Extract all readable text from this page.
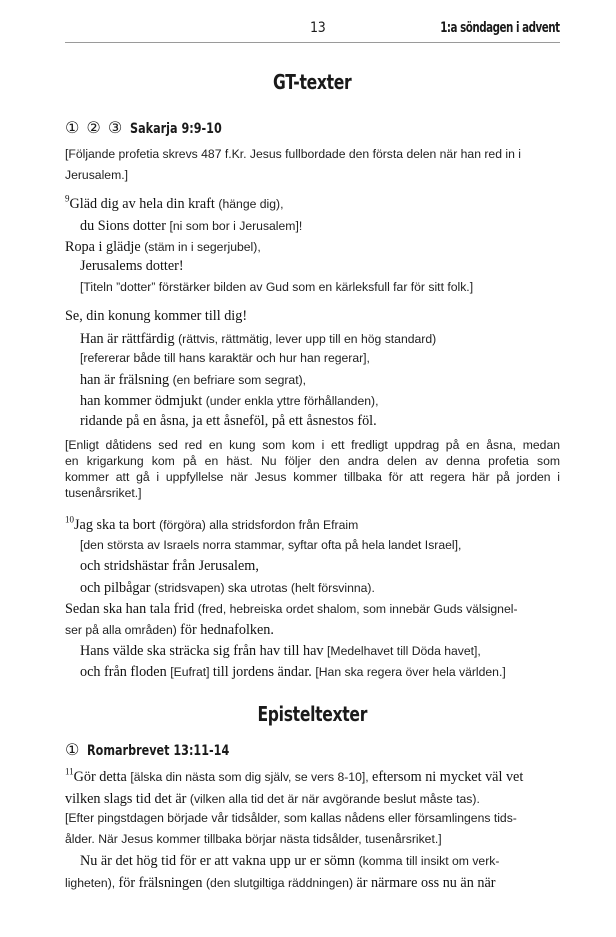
13	1:a söndagen i advent
GT-texter
① ② ③ Sakarja 9:9-10
[Följande profetia skrevs 487 f.Kr. Jesus fullbordade den första delen när han red in i
Jerusalem.]
$^9$Gläd dig av hela din kraft (hänge dig),
du Sions dotter [ni som bor i Jerusalem]!
Ropa i glädje (stäm in i segerjubel),
Jerusalems dotter!
[Titeln ”dotter” förstärker bilden av Gud som en kärleksfull far för sitt folk.]
Se, din konung kommer till dig!
Han är rättfärdig (rättvis, rättmätig, lever upp till en hög standard)
[refererar både till hans karaktär och hur han regerar],
han är frälsning (en befriare som segrat),
han kommer ödmjukt (under enkla yttre förhållanden),
ridande på en åsna, ja ett åsneföl, på ett åsnestos föl.
[Enligt dåtidens sed red en kung som kom i ett fredligt uppdrag på en åsna, medan
en krigarkung kom på en häst. Nu följer den andra delen av denna profetia som
kommer att gå i uppfyllelse när Jesus kommer tillbaka för att regera här på jorden i
tusenårsriket.]
$^{10}$Jag ska ta bort (förgöra) alla stridsfordon från Efraim
[den största av Israels norra stammar, syftar ofta på hela landet Israel],
och stridshästar från Jerusalem,
och pilbågar (stridsvapen) ska utrotas (helt försvinna).
Sedan ska han tala frid (fred, hebreiska ordet shalom, som innebär Guds välsignel-
ser på alla områden) för hednafolken.
Hans välde ska sträcka sig från hav till hav [Medelhavet till Döda havet],
och från floden [Eufrat] till jordens ändar. [Han ska regera över hela världen.]
Episteltexter
① Romarbrevet 13:11-14
$^{11}$Gör detta [älska din nästa som dig själv, se vers 8-10], eftersom ni mycket väl vet
vilken slags tid det är (vilken alla tid det är när avgörande beslut måste tas).
[Efter pingstdagen började vår tidsålder, som kallas nådens eller församlingens tids-
ålder. När Jesus kommer tillbaka börjar nästa tidsålder, tusenårsriket.]
Nu är det hög tid för er att vakna upp ur er sömn (komma till insikt om verk-
ligheten), för frälsningen (den slutgiltiga räddningen) är närmare oss nu än när
